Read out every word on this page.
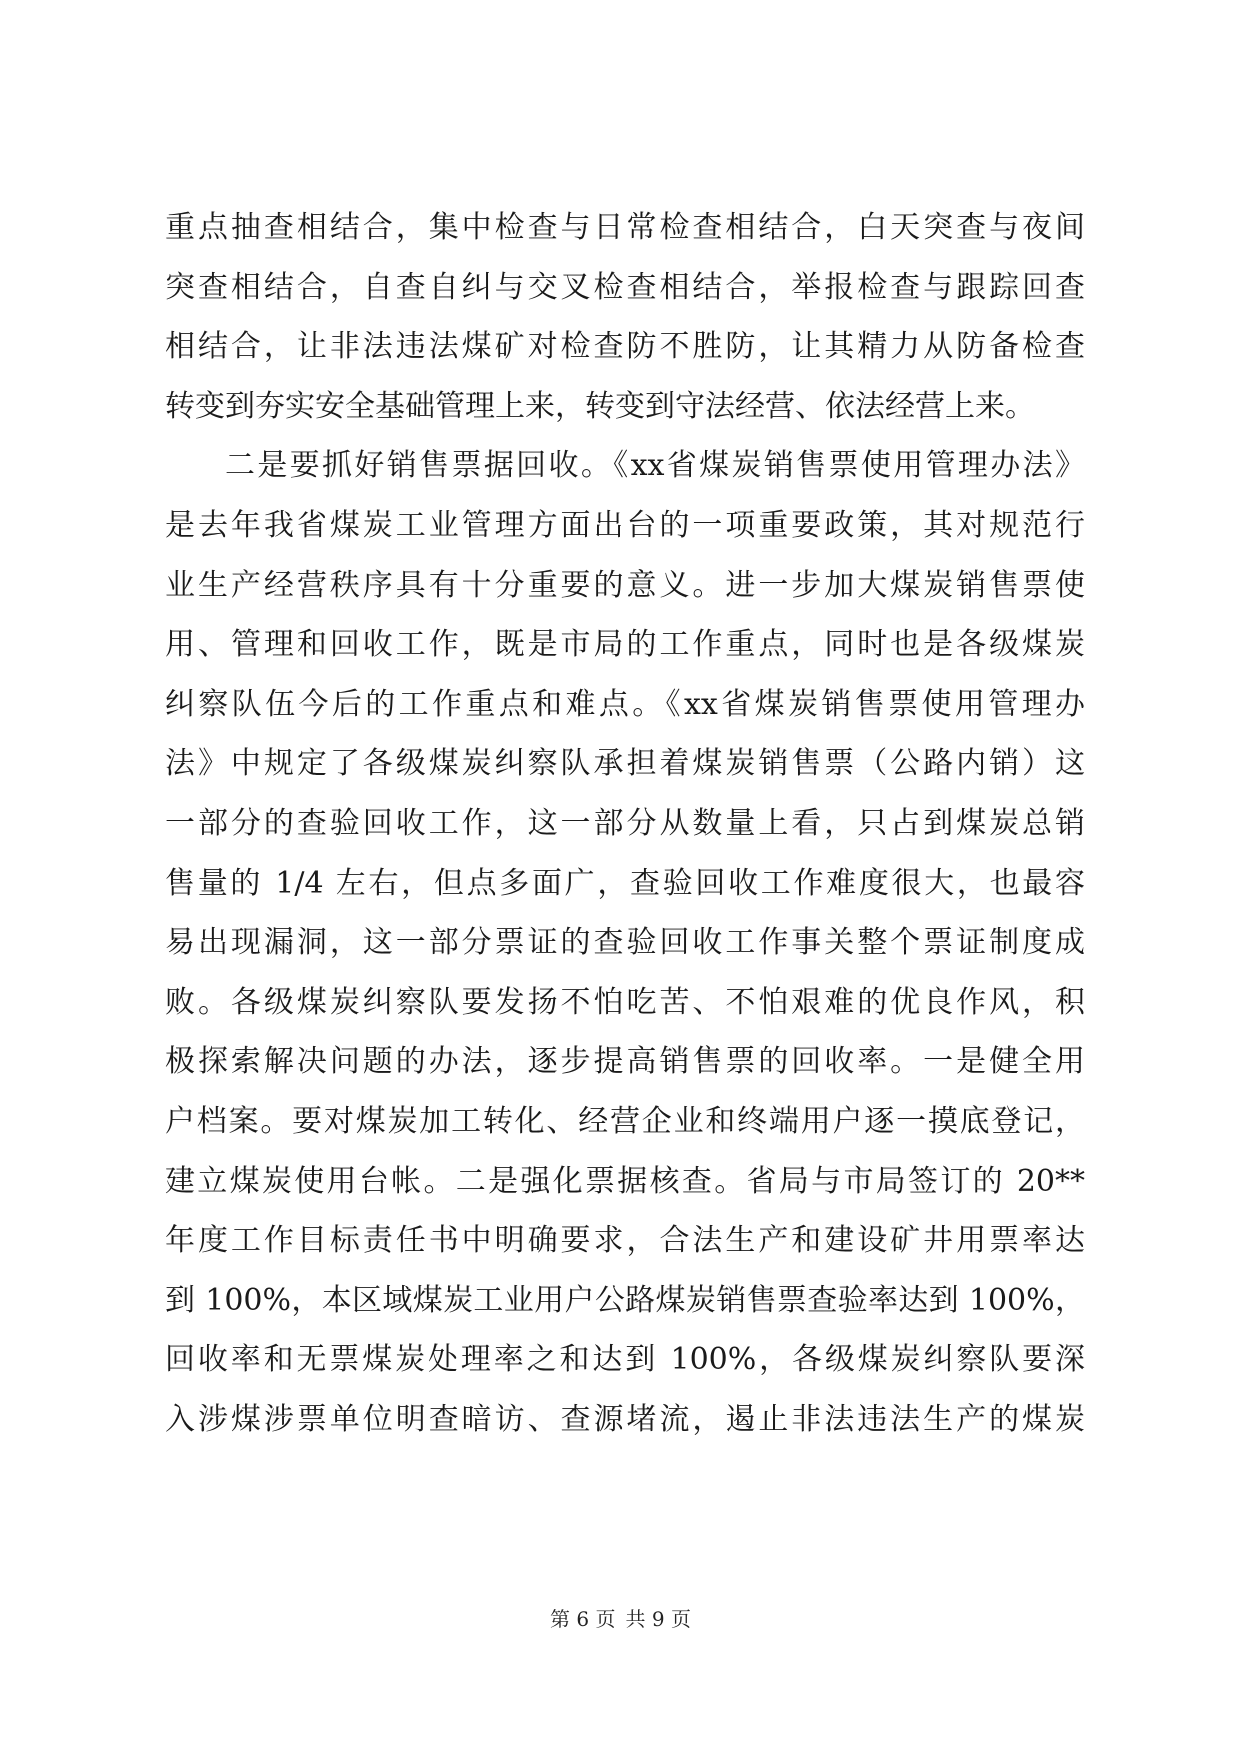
重点抽查相结合，集中检查与日常检查相结合，白天突查与夜间
突查相结合，自查自纠与交叉检查相结合，举报检查与跟踪回查
相结合，让非法违法煤矿对检查防不胜防，让其精力从防备检查
转变到夯实安全基础管理上来，转变到守法经营、依法经营上来。
二是要抓好销售票据回收。《xx省煤炭销售票使用管理办法》
是去年我省煤炭工业管理方面出台的一项重要政策，其对规范行
业生产经营秩序具有十分重要的意义。进一步加大煤炭销售票使
用、管理和回收工作，既是市局的工作重点，同时也是各级煤炭
纠察队伍今后的工作重点和难点。《xx省煤炭销售票使用管理办
法》中规定了各级煤炭纠察队承担着煤炭销售票（公路内销）这
一部分的查验回收工作，这一部分从数量上看，只占到煤炭总销
售量的 1/4 左右，但点多面广，查验回收工作难度很大，也最容
易出现漏洞，这一部分票证的查验回收工作事关整个票证制度成
败。各级煤炭纠察队要发扬不怕吃苦、不怕艰难的优良作风，积
极探索解决问题的办法，逐步提高销售票的回收率。一是健全用
户档案。要对煤炭加工转化、经营企业和终端用户逐一摸底登记，
建立煤炭使用台帐。二是强化票据核查。省局与市局签订的 20**
年度工作目标责任书中明确要求，合法生产和建设矿井用票率达
到 100%，本区域煤炭工业用户公路煤炭销售票查验率达到 100%，
回收率和无票煤炭处理率之和达到 100%，各级煤炭纠察队要深
入涉煤涉票单位明查暗访、查源堵流，遏止非法违法生产的煤炭
第 6 页 共 9 页
